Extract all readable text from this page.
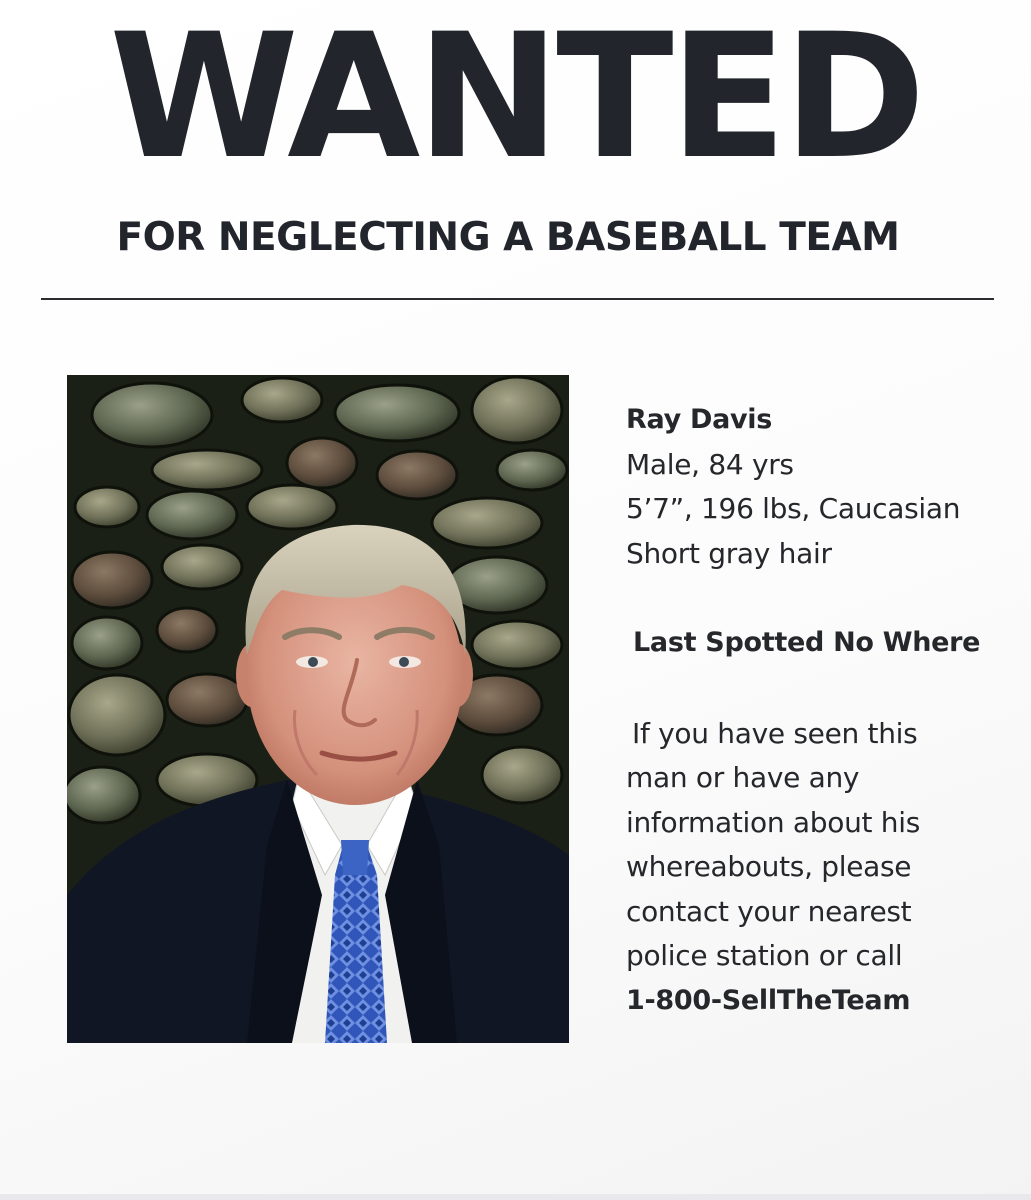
WANTED
FOR NEGLECTING A BASEBALL TEAM
Ray Davis
Male, 84 yrs
5’7”, 196 lbs, Caucasian
Short gray hair
Last Spotted No Where
If you have seen this
man or have any
information about his
whereabouts, please
contact your nearest
police station or call
1-800-SellTheTeam
